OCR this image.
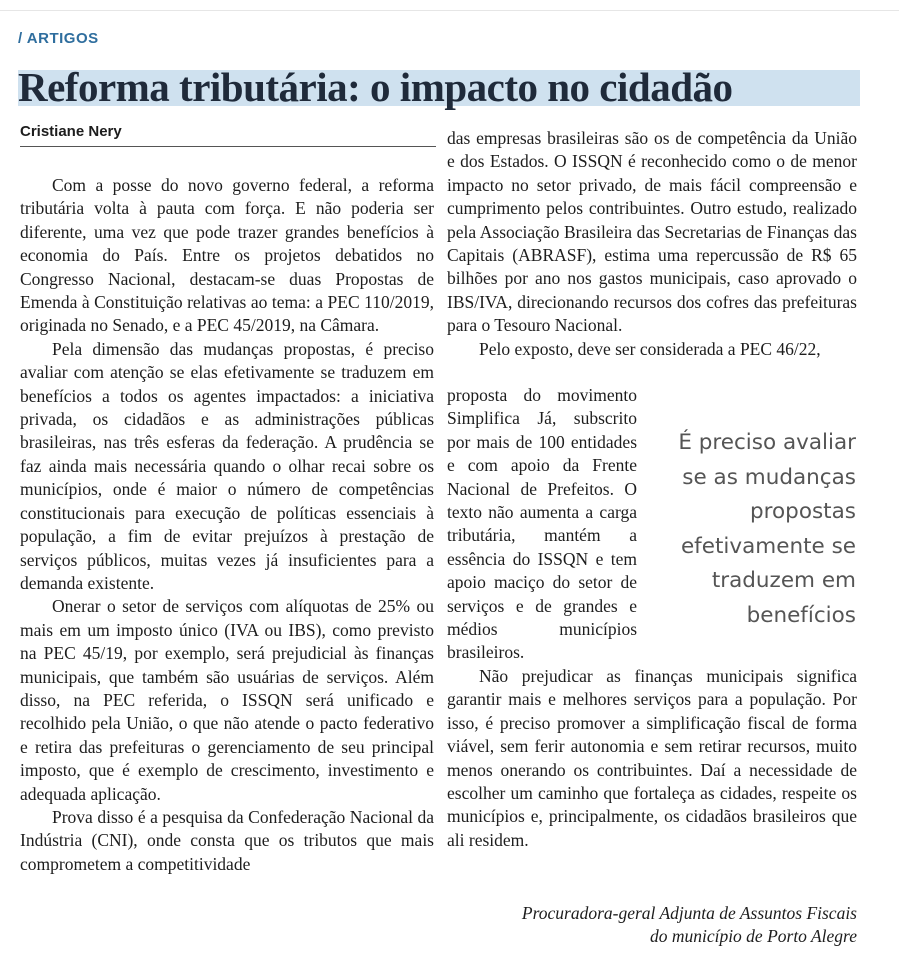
/ ARTIGOS
Reforma tributária: o impacto no cidadão
Cristiane Nery

Com a posse do novo governo federal, a reforma tributária volta à pauta com força. E não poderia ser diferente, uma vez que pode trazer grandes benefícios à economia do País. Entre os projetos debatidos no Congresso Nacional, destacam-se duas Propostas de Emenda à Constituição relativas ao tema: a PEC 110/2019, originada no Senado, e a PEC 45/2019, na Câmara.

Pela dimensão das mudanças propostas, é preciso avaliar com atenção se elas efetivamente se traduzem em benefícios a todos os agentes impactados: a iniciativa privada, os cidadãos e as administrações públicas brasileiras, nas três esferas da federação. A prudência se faz ainda mais necessária quando o olhar recai sobre os municípios, onde é maior o número de competências constitucionais para execução de políticas essenciais à população, a fim de evitar prejuízos à prestação de serviços públicos, muitas vezes já insuficientes para a demanda existente.

Onerar o setor de serviços com alíquotas de 25% ou mais em um imposto único (IVA ou IBS), como previsto na PEC 45/19, por exemplo, será prejudicial às finanças municipais, que também são usuárias de serviços. Além disso, na PEC referida, o ISSQN será unificado e recolhido pela União, o que não atende o pacto federativo e retira das prefeituras o gerenciamento de seu principal imposto, que é exemplo de crescimento, investimento e adequada aplicação.

Prova disso é a pesquisa da Confederação Nacional da Indústria (CNI), onde consta que os tributos que mais comprometem a competitividade

das empresas brasileiras são os de competência da União e dos Estados. O ISSQN é reconhecido como o de menor impacto no setor privado, de mais fácil compreensão e cumprimento pelos contribuintes. Outro estudo, realizado pela Associação Brasileira das Secretarias de Finanças das Capitais (ABRASF), estima uma repercussão de R$ 65 bilhões por ano nos gastos municipais, caso aprovado o IBS/IVA, direcionando recursos dos cofres das prefeituras para o Tesouro Nacional.

Pelo exposto, deve ser considerada a PEC 46/22,

proposta do movimento Simplifica Já, subscrito por mais de 100 entidades e com apoio da Frente Nacional de Prefeitos. O texto não aumenta a carga tributária, mantém a essência do ISSQN e tem apoio maciço do setor de serviços e de grandes e médios municípios brasileiros.

É preciso avaliar se as mudanças propostas efetivamente se traduzem em benefícios

Não prejudicar as finanças municipais significa garantir mais e melhores serviços para a população. Por isso, é preciso promover a simplificação fiscal de forma viável, sem ferir autonomia e sem retirar recursos, muito menos onerando os contribuintes. Daí a necessidade de escolher um caminho que fortaleça as cidades, respeite os municípios e, principalmente, os cidadãos brasileiros que ali residem.

Procuradora-geral Adjunta de Assuntos Fiscais
do município de Porto Alegre
